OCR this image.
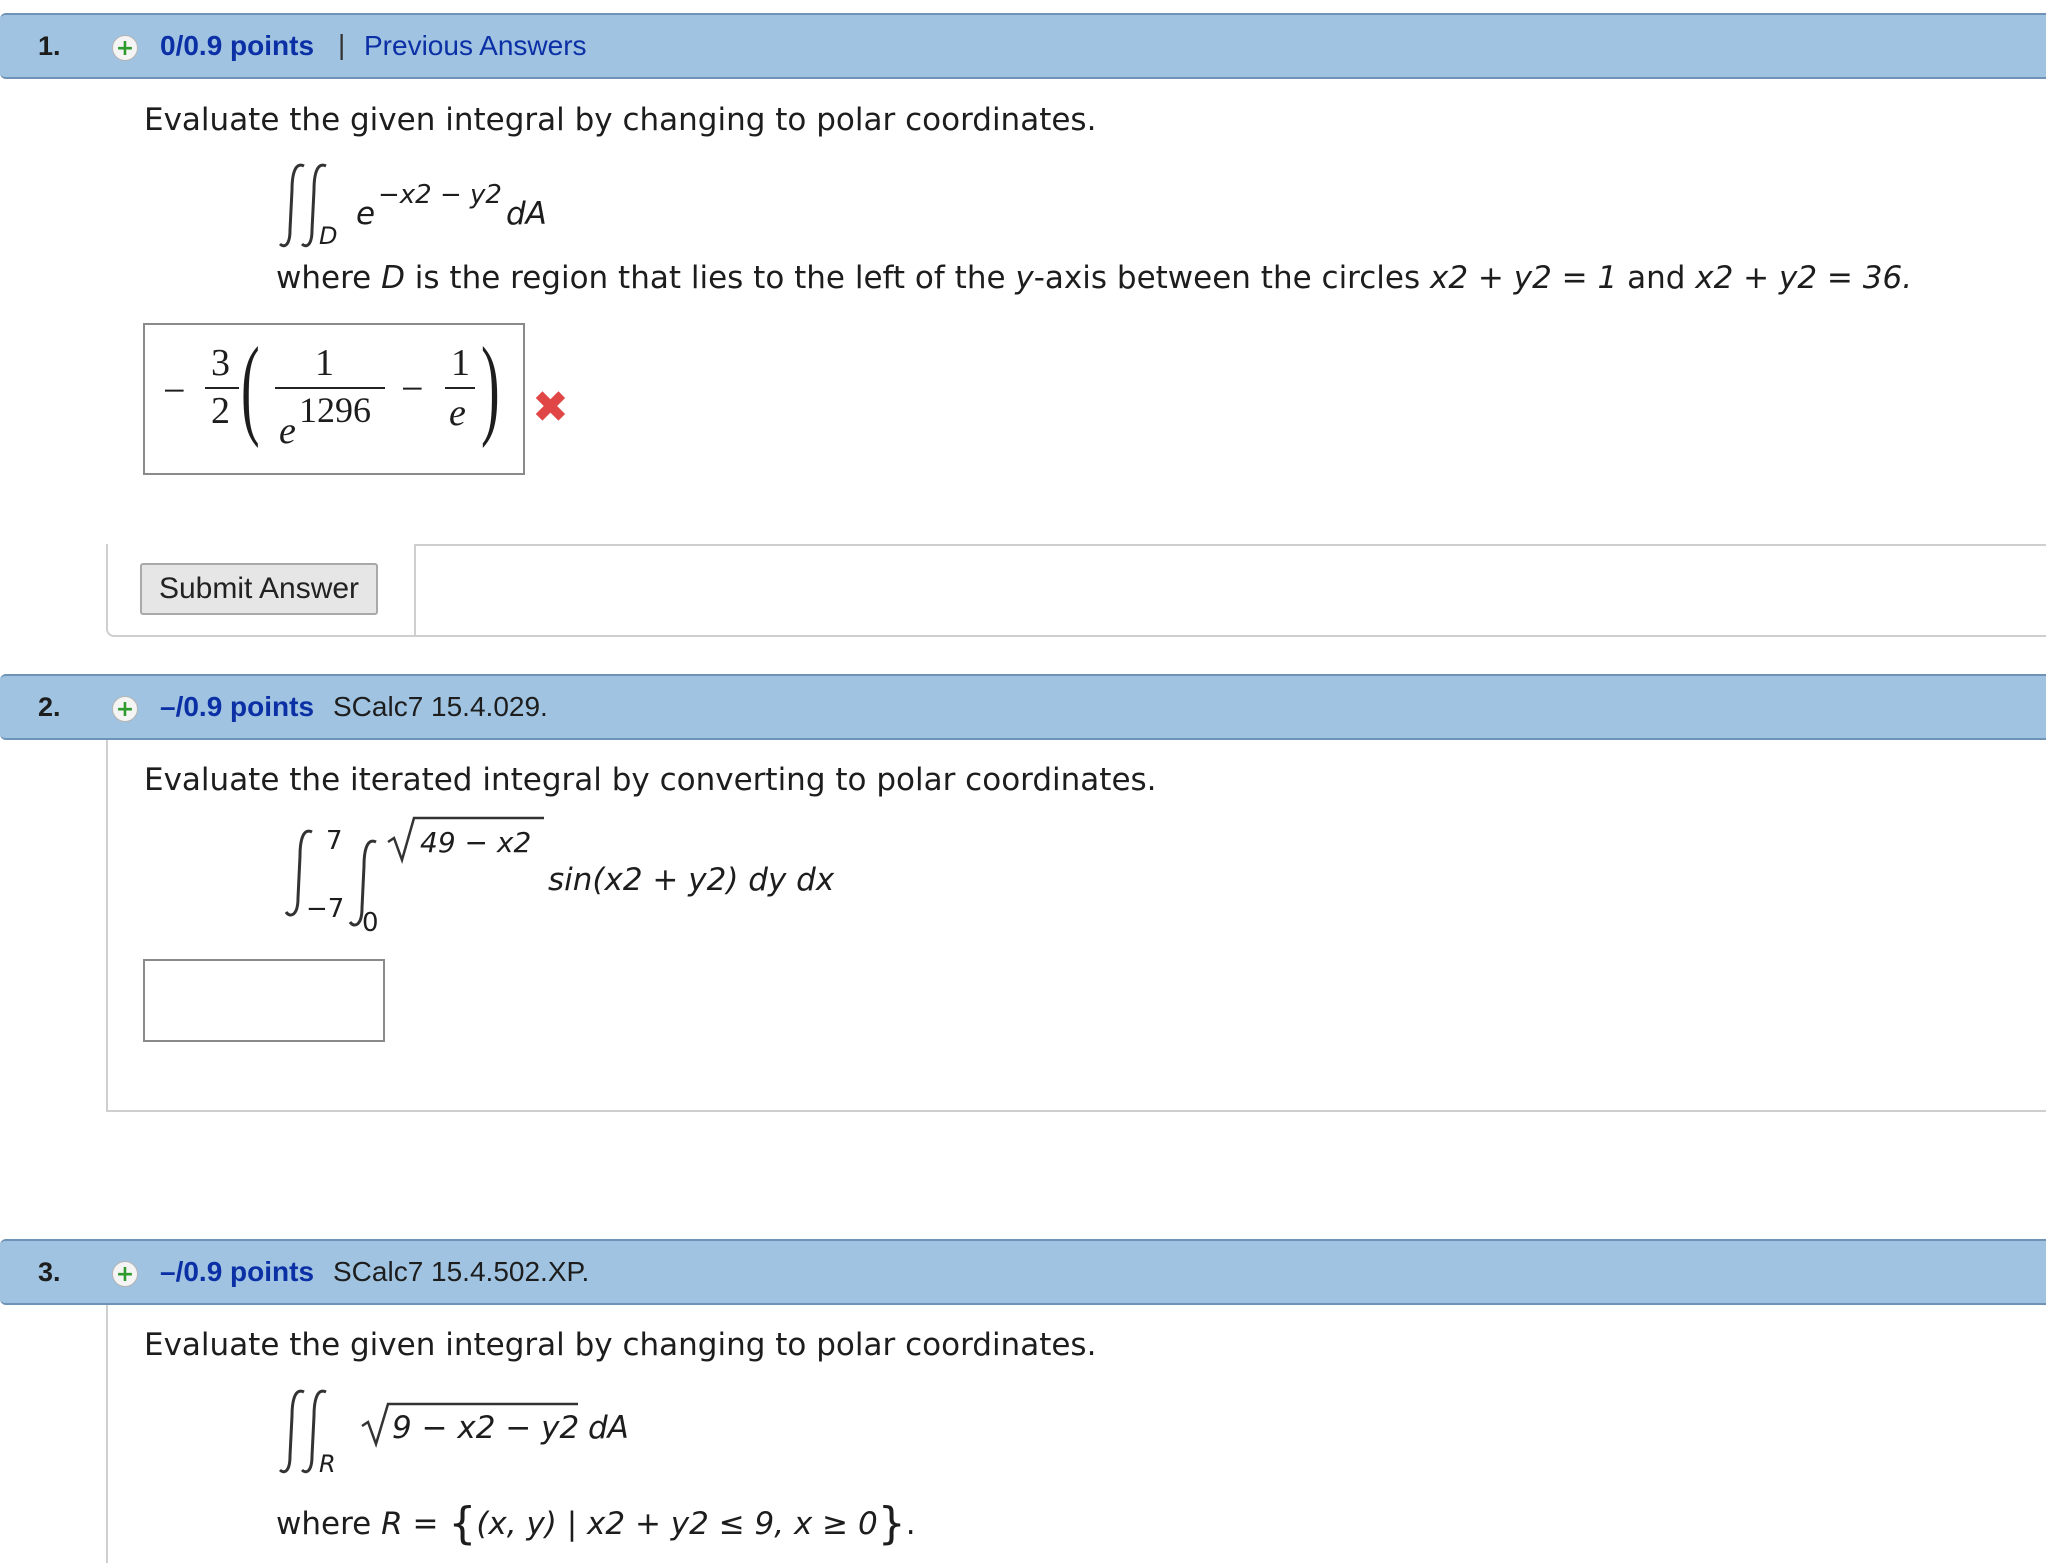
1.	+ 0/0.9 points | Previous Answers
Evaluate the given integral by changing to polar coordinates.
D
e
−x2 − y2
dA
where D is the region that lies to the left of the y-axis between the circles x2 + y2 = 1 and x2 + y2 = 36.
−
3
2 ( 1
e 1296 −
1
e ) ✖
Submit Answer
2.	+ –/0.9 points SCalc7 15.4.029.
Evaluate the iterated integral by converting to polar coordinates.
7
−7
49 − x2
0
sin(x2 + y2) dy dx
3.	+ –/0.9 points SCalc7 15.4.502.XP.
Evaluate the given integral by changing to polar coordinates.
R
9 − x2 − y2 dA
where R = {(x, y) | x2 + y2 ≤ 9, x ≥ 0}.
